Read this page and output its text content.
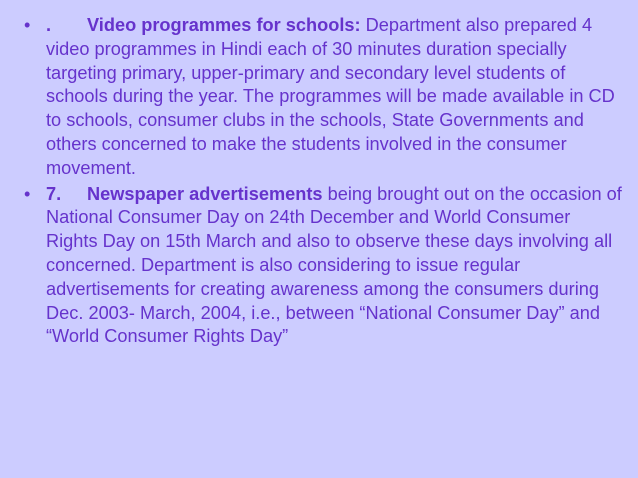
• . Video programmes for schools: Department also prepared 4 video programmes in Hindi each of 30 minutes duration specially targeting primary, upper-primary and secondary level students of schools during the year. The programmes will be made available in CD to schools, consumer clubs in the schools, State Governments and others concerned to make the students involved in the consumer movement.
• 7. Newspaper advertisements being brought out on the occasion of National Consumer Day on 24th December and World Consumer Rights Day on 15th March and also to observe these days involving all concerned. Department is also considering to issue regular advertisements for creating awareness among the consumers during Dec. 2003- March, 2004, i.e., between “National Consumer Day” and “World Consumer Rights Day”
